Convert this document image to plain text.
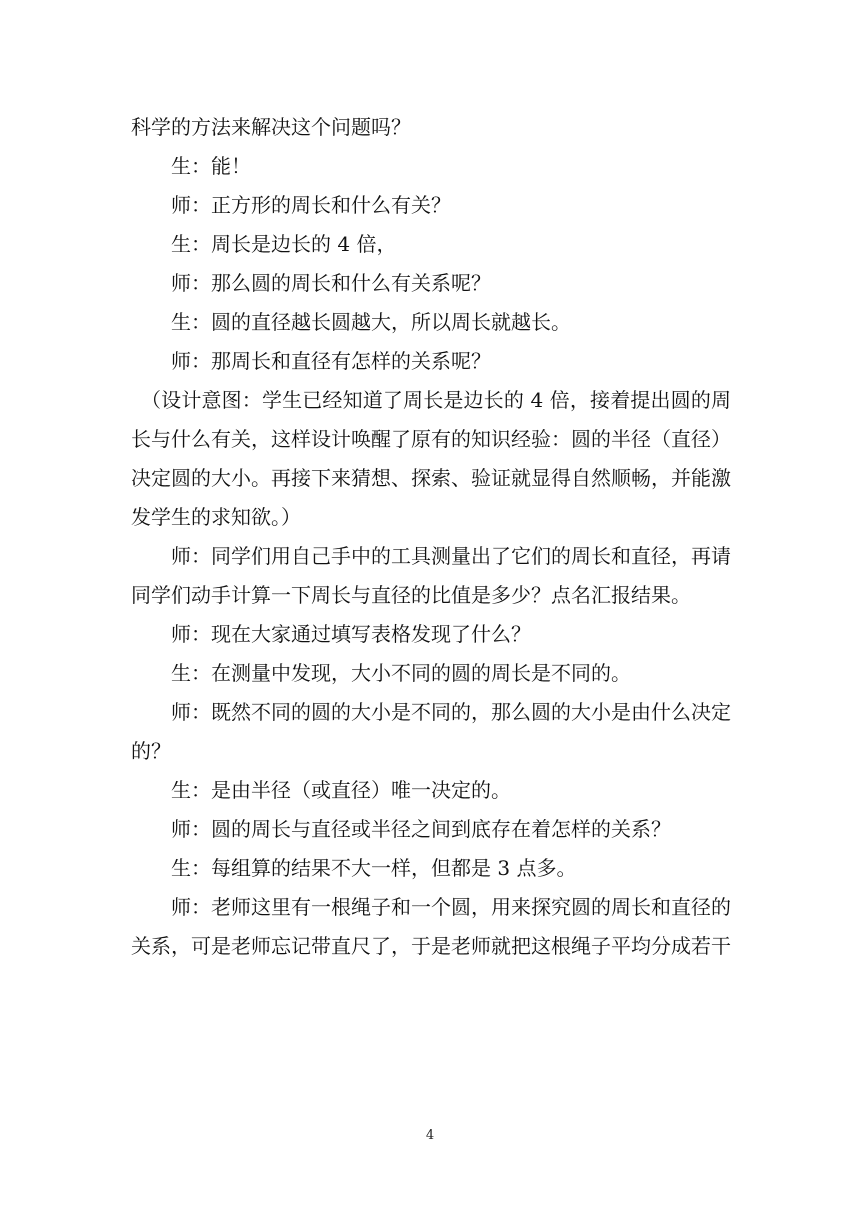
科学的方法来解决这个问题吗？

生：能！

师：正方形的周长和什么有关？

生：周长是边长的 4 倍，

师：那么圆的周长和什么有关系呢？

生：圆的直径越长圆越大，所以周长就越长。

师：那周长和直径有怎样的关系呢？

（设计意图：学生已经知道了周长是边长的 4 倍，接着提出圆的周长与什么有关，这样设计唤醒了原有的知识经验：圆的半径（直径）决定圆的大小。再接下来猜想、探索、验证就显得自然顺畅，并能激发学生的求知欲。）

师：同学们用自己手中的工具测量出了它们的周长和直径，再请同学们动手计算一下周长与直径的比值是多少？点名汇报结果。

师：现在大家通过填写表格发现了什么？

生：在测量中发现，大小不同的圆的周长是不同的。

师：既然不同的圆的大小是不同的，那么圆的大小是由什么决定的？

生：是由半径（或直径）唯一决定的。

师：圆的周长与直径或半径之间到底存在着怎样的关系？

生：每组算的结果不大一样，但都是 3 点多。

师：老师这里有一根绳子和一个圆，用来探究圆的周长和直径的关系，可是老师忘记带直尺了，于是老师就把这根绳子平均分成若干

4
